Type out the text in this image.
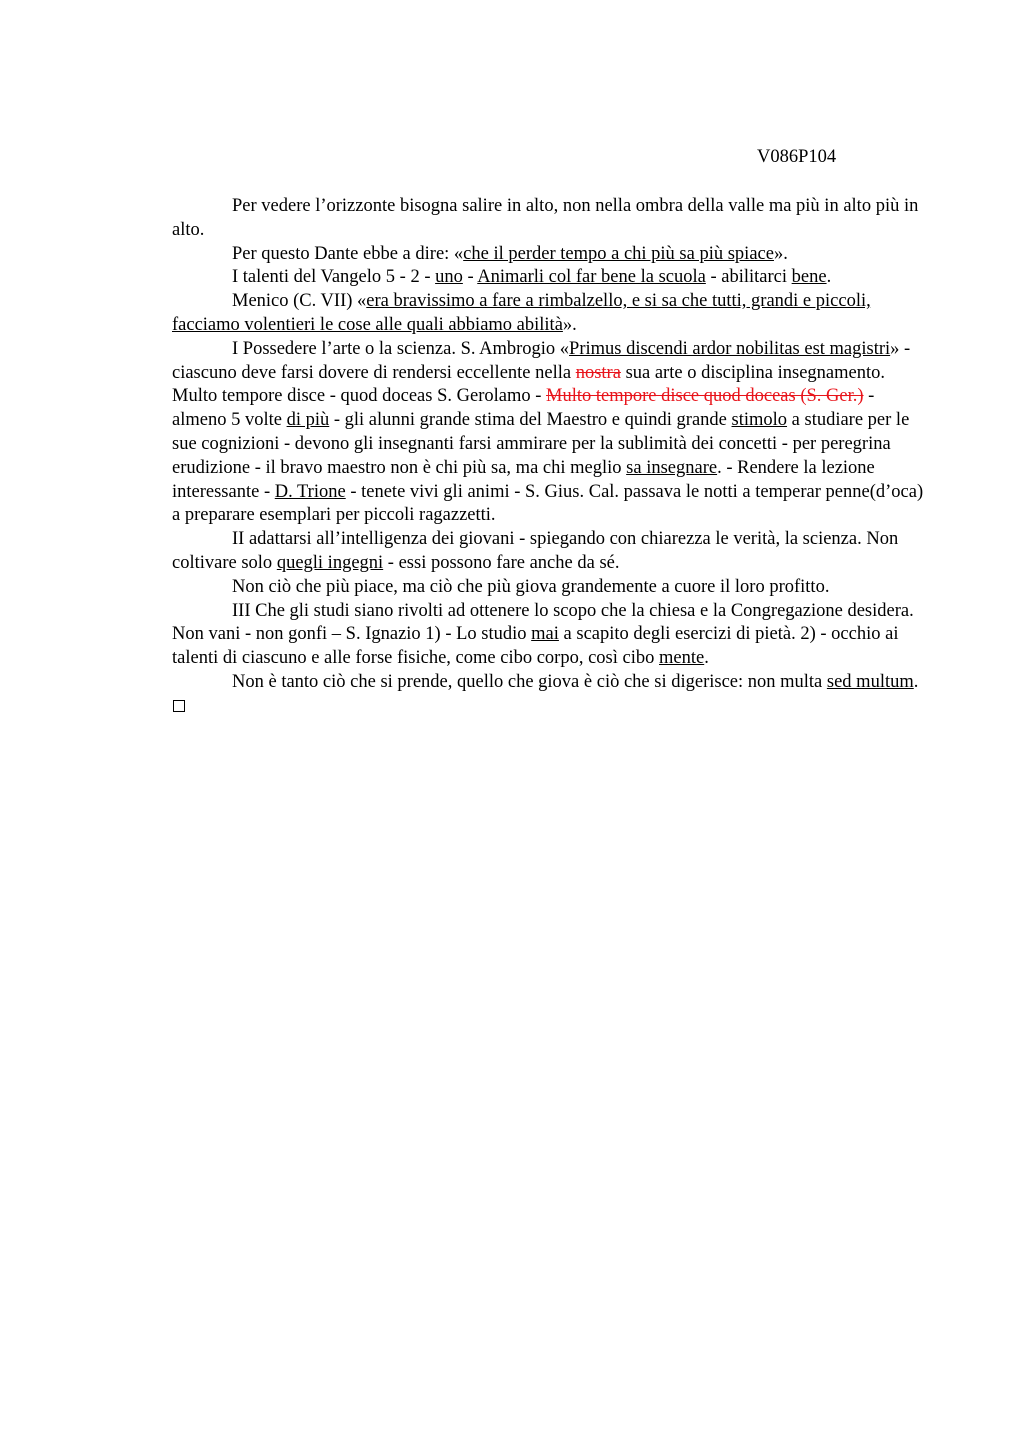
V086P104

Per vedere l’orizzonte bisogna salire in alto, non nella ombra della valle ma più in alto più in alto.

Per questo Dante ebbe a dire: «che il perder tempo a chi più sa più spiace».

I talenti del Vangelo 5 - 2 - uno - Animarli col far bene la scuola - abilitarci bene.

Menico (C. VII) «era bravissimo a fare a rimbalzello, e si sa che tutti, grandi e piccoli, facciamo volentieri le cose alle quali abbiamo abilità».

I Possedere l’arte o la scienza. S. Ambrogio «Primus discendi ardor nobilitas est magistri» - ciascuno deve farsi dovere di rendersi eccellente nella nostra sua arte o disciplina insegnamento. Multo tempore disce - quod doceas S. Gerolamo - Multo tempore disce quod doceas (S. Ger.) - almeno 5 volte di più - gli alunni grande stima del Maestro e quindi grande stimolo a studiare per le sue cognizioni - devono gli insegnanti farsi ammirare per la sublimità dei concetti - per peregrina erudizione - il bravo maestro non è chi più sa, ma chi meglio sa insegnare. - Rendere la lezione interessante - D. Trione - tenete vivi gli animi - S. Gius. Cal. passava le notti a temperar penne(d’oca) a preparare esemplari per piccoli ragazzetti.

II adattarsi all’intelligenza dei giovani - spiegando con chiarezza le verità, la scienza. Non coltivare solo quegli ingegni - essi possono fare anche da sé.

Non ciò che più piace, ma ciò che più giova grandemente a cuore il loro profitto.

III Che gli studi siano rivolti ad ottenere lo scopo che la chiesa e la Congregazione desidera. Non vani - non gonfi – S. Ignazio 1) - Lo studio mai a scapito degli esercizi di pietà. 2) - occhio ai talenti di ciascuno e alle forse fisiche, come cibo corpo, così cibo mente.

Non è tanto ciò che si prende, quello che giova è ciò che si digerisce: non multa sed multum.
